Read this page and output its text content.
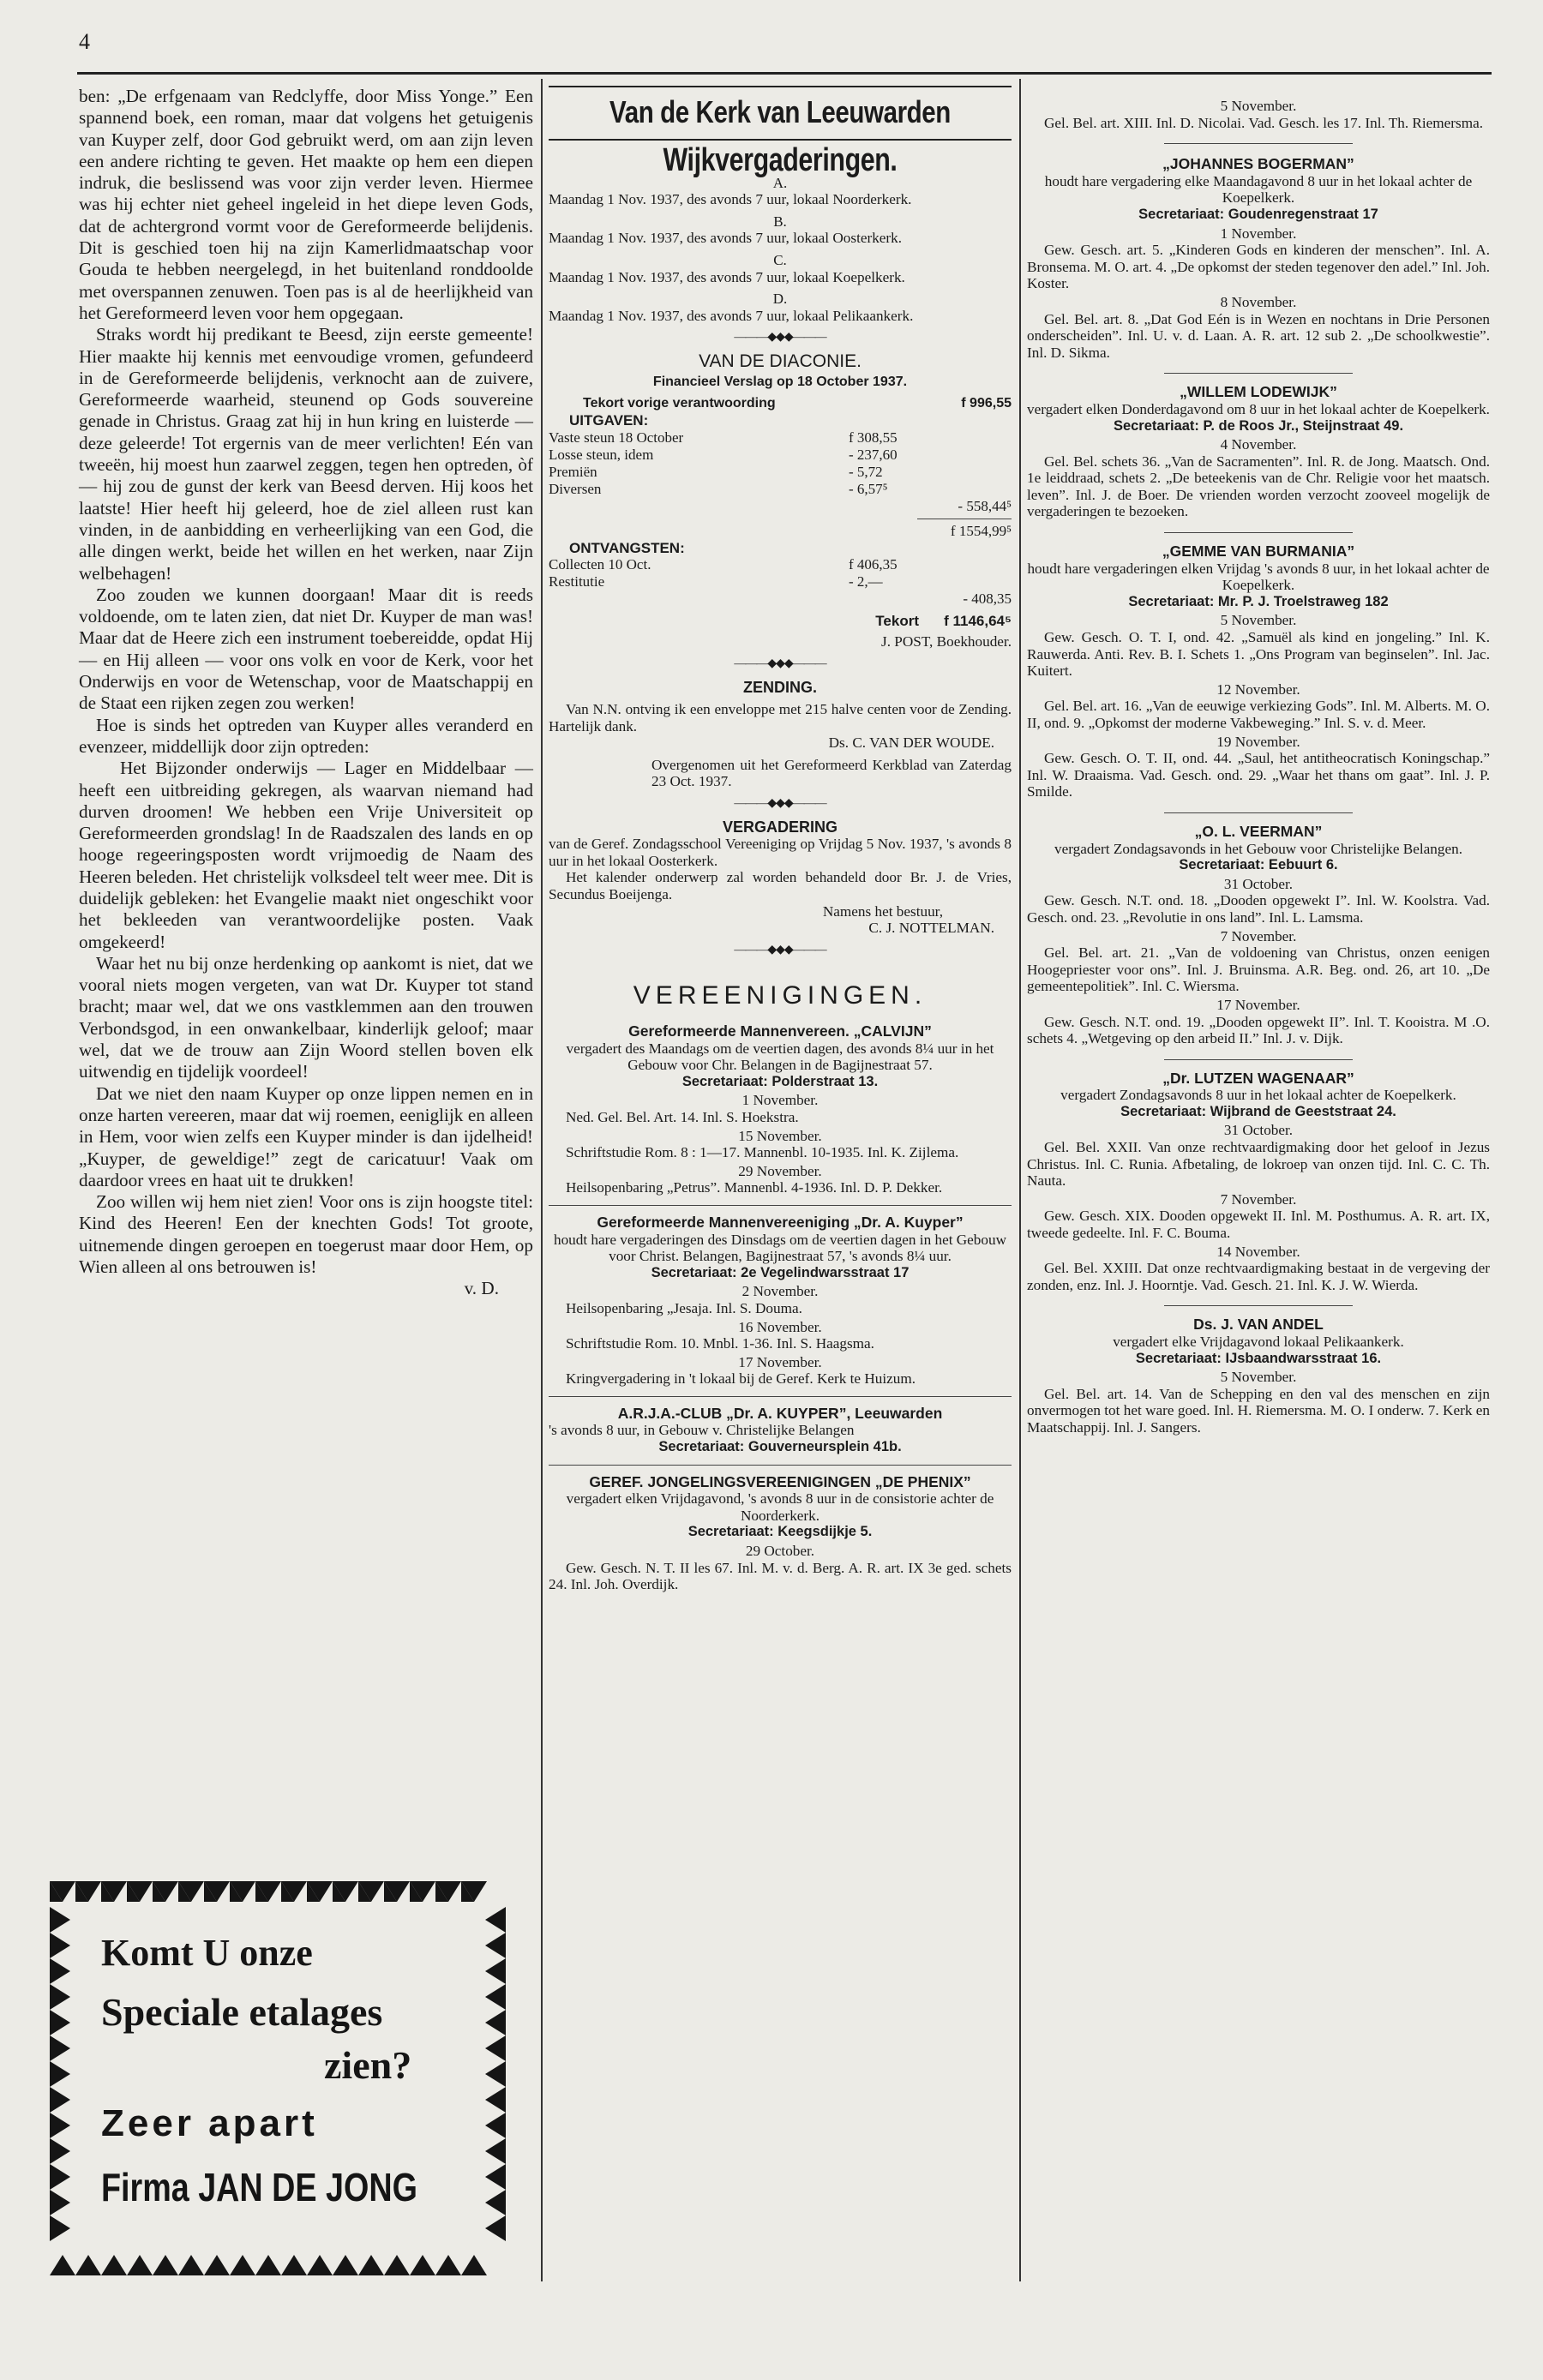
4

ben: „De erfgenaam van Redclyffe, door Miss Yonge.” Een spannend boek, een roman, maar dat volgens het getuigenis van Kuyper zelf, door God gebruikt werd, om aan zijn leven een andere richting te geven. Het maakte op hem een diepen indruk, die beslissend was voor zijn verder leven. Hiermee was hij echter niet geheel ingeleid in het diepe leven Gods, dat de achtergrond vormt voor de Gereformeerde belijdenis. Dit is geschied toen hij na zijn Kamerlidmaatschap voor Gouda te hebben neergelegd, in het buitenland ronddoolde met overspannen zenuwen. Toen pas is al de heerlijkheid van het Gereformeerd leven voor hem opgegaan.

Straks wordt hij predikant te Beesd, zijn eerste gemeente! Hier maakte hij kennis met eenvoudige vromen, gefundeerd in de Gereformeerde belijdenis, verknocht aan de zuivere, Gereformeerde waarheid, steunend op Gods souvereine genade in Christus. Graag zat hij in hun kring en luisterde — deze geleerde! Tot ergernis van de meer verlichten! Eén van tweeën, hij moest hun zaarwel zeggen, tegen hen optreden, òf — hij zou de gunst der kerk van Beesd derven. Hij koos het laatste! Hier heeft hij geleerd, hoe de ziel alleen rust kan vinden, in de aanbidding en verheerlijking van een God, die alle dingen werkt, beide het willen en het werken, naar Zijn welbehagen!

Zoo zouden we kunnen doorgaan! Maar dit is reeds voldoende, om te laten zien, dat niet Dr. Kuyper de man was! Maar dat de Heere zich een instrument toebereidde, opdat Hij — en Hij alleen — voor ons volk en voor de Kerk, voor het Onderwijs en voor de Wetenschap, voor de Maatschappij en de Staat een rijken zegen zou werken!

Hoe is sinds het optreden van Kuyper alles veranderd en evenzeer, middellijk door zijn optreden:

Het Bijzonder onderwijs — Lager en Middelbaar — heeft een uitbreiding gekregen, als waarvan niemand had durven droomen! We hebben een Vrije Universiteit op Gereformeerden grondslag! In de Raadszalen des lands en op hooge regeeringsposten wordt vrijmoedig de Naam des Heeren beleden. Het christelijk volksdeel telt weer mee. Dit is duidelijk gebleken: het Evangelie maakt niet ongeschikt voor het bekleeden van verantwoordelijke posten. Vaak omgekeerd!

Waar het nu bij onze herdenking op aankomt is niet, dat we vooral niets mogen vergeten, van wat Dr. Kuyper tot stand bracht; maar wel, dat we ons vastklemmen aan den trouwen Verbondsgod, in een onwankelbaar, kinderlijk geloof; maar wel, dat we de trouw aan Zijn Woord stellen boven elk uitwendig en tijdelijk voordeel!

Dat we niet den naam Kuyper op onze lippen nemen en in onze harten vereeren, maar dat wij roemen, eeniglijk en alleen in Hem, voor wien zelfs een Kuyper minder is dan ijdelheid! „Kuyper, de geweldige!” zegt de caricatuur! Vaak om daardoor vrees en haat uit te drukken!

Zoo willen wij hem niet zien! Voor ons is zijn hoogste titel: Kind des Heeren! Een der knechten Gods! Tot groote, uitnemende dingen geroepen en toegerust maar door Hem, op Wien alleen al ons betrouwen is!

v. D.

Komt U onze
Speciale etalages
zien?
Zeer apart
Firma JAN DE JONG
Van de Kerk van Leeuwarden
Wijkvergaderingen.
A.

Maandag 1 Nov. 1937, des avonds 7 uur, lokaal Noorderkerk.

B.

Maandag 1 Nov. 1937, des avonds 7 uur, lokaal Oosterkerk.

C.

Maandag 1 Nov. 1937, des avonds 7 uur, lokaal Koepelkerk.

D.

Maandag 1 Nov. 1937, des avonds 7 uur, lokaal Pelikaankerk.

———◆◆◆———
VAN DE DIACONIE.
Financieel Verslag op 18 October 1937.
Tekort vorige verantwoording	f 996,55
UITGAVEN:
Vaste steun 18 October	f 308,55
Losse steun, idem	- 237,60
Premiën	- 5,72
Diversen	- 6,57⁵
- 558,44⁵
f 1554,99⁵
ONTVANGSTEN:
Collecten 10 Oct.	f 406,35
Restitutie	- 2,—
- 408,35
Tekort	f 1146,64⁵
J. POST, Boekhouder.
———◆◆◆———
ZENDING.

Van N.N. ontving ik een enveloppe met 215 halve centen voor de Zending. Hartelijk dank.

Ds. C. VAN DER WOUDE.

Overgenomen uit het Gereformeerd Kerkblad van Zaterdag 23 Oct. 1937.

———◆◆◆———
VERGADERING

van de Geref. Zondagsschool Vereeniging op Vrijdag 5 Nov. 1937, 's avonds 8 uur in het lokaal Oosterkerk.

Het kalender onderwerp zal worden behandeld door Br. J. de Vries, Secundus Boeijenga.

Namens het bestuur,
C. J. NOTTELMAN.
———◆◆◆———
VEREENIGINGEN.
Gereformeerde Mannenvereen. „CALVIJN”

vergadert des Maandags om de veertien dagen, des avonds 8¼ uur in het Gebouw voor Chr. Belangen in de Bagijnestraat 57.

Secretariaat: Polderstraat 13.
1 November.

Ned. Gel. Bel. Art. 14. Inl. S. Hoekstra.

15 November.

Schriftstudie Rom. 8 : 1—17. Mannenbl. 10-1935. Inl. K. Zijlema.

29 November.

Heilsopenbaring „Petrus”. Mannenbl. 4-1936. Inl. D. P. Dekker.

Gereformeerde Mannenvereeniging „Dr. A. Kuyper”

houdt hare vergaderingen des Dinsdags om de veertien dagen in het Gebouw voor Christ. Belangen, Bagijnestraat 57, 's avonds 8¼ uur.

Secretariaat: 2e Vegelindwarsstraat 17
2 November.

Heilsopenbaring „Jesaja. Inl. S. Douma.

16 November.

Schriftstudie Rom. 10. Mnbl. 1-36. Inl. S. Haagsma.

17 November.

Kringvergadering in 't lokaal bij de Geref. Kerk te Huizum.

A.R.J.A.-CLUB „Dr. A. KUYPER”, Leeuwarden

's avonds 8 uur, in Gebouw v. Christelijke Belangen

Secretariaat: Gouverneursplein 41b.
GEREF. JONGELINGSVEREENIGINGEN „DE PHENIX”

vergadert elken Vrijdagavond, 's avonds 8 uur in de consistorie achter de Noorderkerk.

Secretariaat: Keegsdijkje 5.
29 October.

Gew. Gesch. N. T. II les 67. Inl. M. v. d. Berg. A. R. art. IX 3e ged. schets 24. Inl. Joh. Overdijk.

5 November.

Gel. Bel. art. XIII. Inl. D. Nicolai. Vad. Gesch. les 17. Inl. Th. Riemersma.

„JOHANNES BOGERMAN”

houdt hare vergadering elke Maandagavond 8 uur in het lokaal achter de Koepelkerk.

Secretariaat: Goudenregenstraat 17
1 November.

Gew. Gesch. art. 5. „Kinderen Gods en kinderen der menschen”. Inl. A. Bronsema. M. O. art. 4. „De opkomst der steden tegenover den adel.” Inl. Joh. Koster.

8 November.

Gel. Bel. art. 8. „Dat God Eén is in Wezen en nochtans in Drie Personen onderscheiden”. Inl. U. v. d. Laan. A. R. art. 12 sub 2. „De schoolkwestie”. Inl. D. Sikma.

„WILLEM LODEWIJK”

vergadert elken Donderdagavond om 8 uur in het lokaal achter de Koepelkerk.

Secretariaat: P. de Roos Jr., Steijnstraat 49.
4 November.

Gel. Bel. schets 36. „Van de Sacramenten”. Inl. R. de Jong. Maatsch. Ond. 1e leiddraad, schets 2. „De beteekenis van de Chr. Religie voor het maatsch. leven”. Inl. J. de Boer. De vrienden worden verzocht zooveel mogelijk de vergaderingen te bezoeken.

„GEMME VAN BURMANIA”

houdt hare vergaderingen elken Vrijdag 's avonds 8 uur, in het lokaal achter de Koepelkerk.

Secretariaat: Mr. P. J. Troelstraweg 182
5 November.

Gew. Gesch. O. T. I, ond. 42. „Samuël als kind en jongeling.” Inl. K. Rauwerda. Anti. Rev. B. I. Schets 1. „Ons Program van beginselen”. Inl. Jac. Kuitert.

12 November.

Gel. Bel. art. 16. „Van de eeuwige verkiezing Gods”. Inl. M. Alberts. M. O. II, ond. 9. „Opkomst der moderne Vakbeweging.” Inl. S. v. d. Meer.

19 November.

Gew. Gesch. O. T. II, ond. 44. „Saul, het antitheocratisch Koningschap.” Inl. W. Draaisma. Vad. Gesch. ond. 29. „Waar het thans om gaat”. Inl. J. P. Smilde.

„O. L. VEERMAN”

vergadert Zondagsavonds in het Gebouw voor Christelijke Belangen.

Secretariaat: Eebuurt 6.
31 October.

Gew. Gesch. N.T. ond. 18. „Dooden opgewekt I”. Inl. W. Koolstra. Vad. Gesch. ond. 23. „Revolutie in ons land”. Inl. L. Lamsma.

7 November.

Gel. Bel. art. 21. „Van de voldoening van Christus, onzen eenigen Hoogepriester voor ons”. Inl. J. Bruinsma. A.R. Beg. ond. 26, art 10. „De gemeentepolitiek”. Inl. C. Wiersma.

17 November.

Gew. Gesch. N.T. ond. 19. „Dooden opgewekt II”. Inl. T. Kooistra. M .O. schets 4. „Wetgeving op den arbeid II.” Inl. J. v. Dijk.

„Dr. LUTZEN WAGENAAR”

vergadert Zondagsavonds 8 uur in het lokaal achter de Koepelkerk.

Secretariaat: Wijbrand de Geeststraat 24.
31 October.

Gel. Bel. XXII. Van onze rechtvaardigmaking door het geloof in Jezus Christus. Inl. C. Runia. Afbetaling, de lokroep van onzen tijd. Inl. C. C. Th. Nauta.

7 November.

Gew. Gesch. XIX. Dooden opgewekt II. Inl. M. Posthumus. A. R. art. IX, tweede gedeelte. Inl. F. C. Bouma.

14 November.

Gel. Bel. XXIII. Dat onze rechtvaardigmaking bestaat in de vergeving der zonden, enz. Inl. J. Hoorntje. Vad. Gesch. 21. Inl. K. J. W. Wierda.

Ds. J. VAN ANDEL

vergadert elke Vrijdagavond lokaal Pelikaankerk.

Secretariaat: IJsbaandwarsstraat 16.
5 November.

Gel. Bel. art. 14. Van de Schepping en den val des menschen en zijn onvermogen tot het ware goed. Inl. H. Riemersma. M. O. I onderw. 7. Kerk en Maatschappij. Inl. J. Sangers.
